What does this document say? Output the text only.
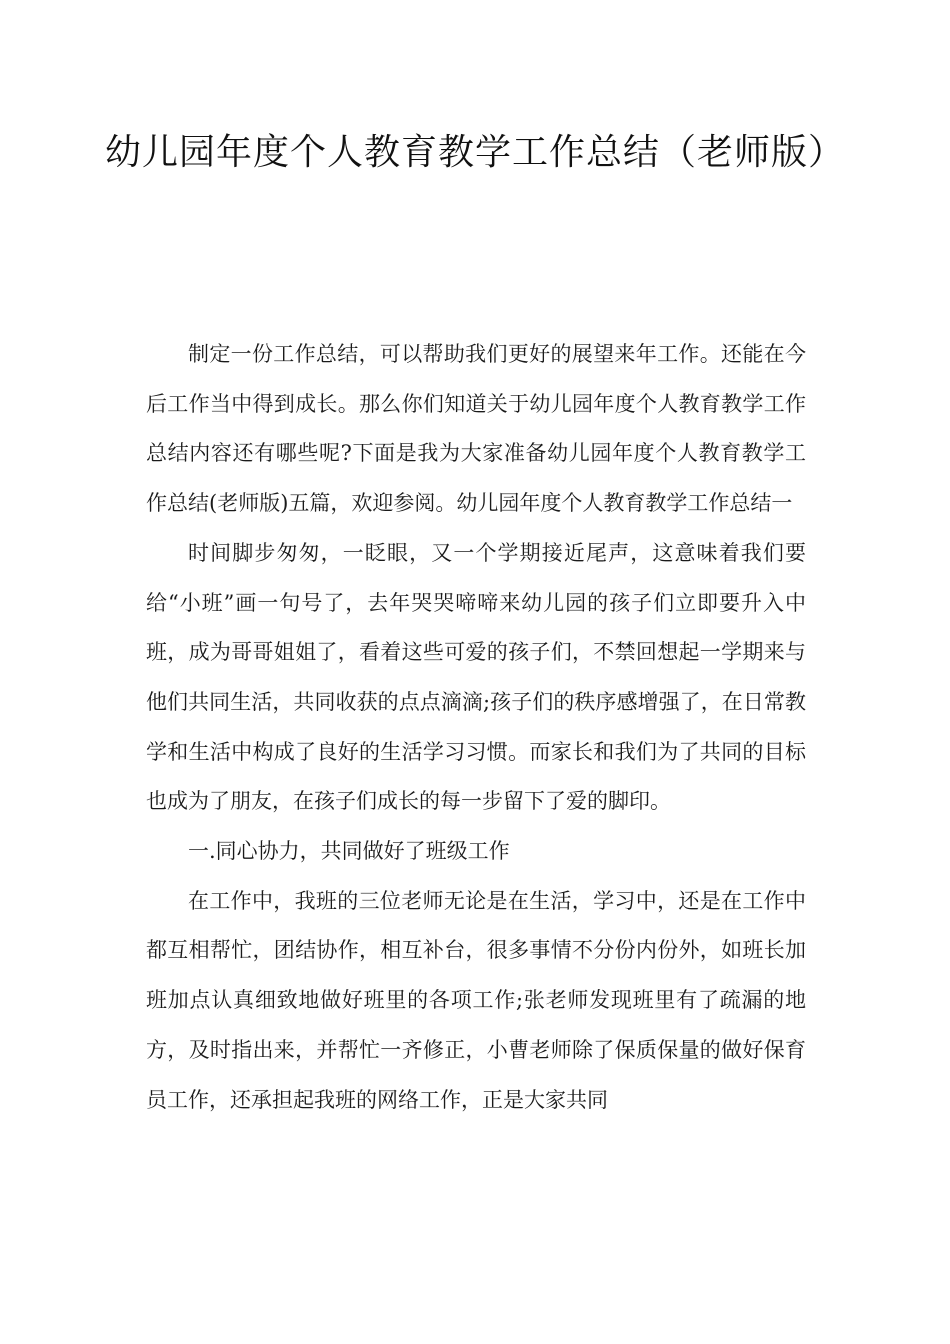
幼儿园年度个人教育教学工作总结（老师版）

制定一份工作总结，可以帮助我们更好的展望来年工作。还能在今后工作当中得到成长。那么你们知道关于幼儿园年度个人教育教学工作总结内容还有哪些呢?下面是我为大家准备幼儿园年度个人教育教学工作总结(老师版)五篇，欢迎参阅。幼儿园年度个人教育教学工作总结一

时间脚步匆匆，一眨眼，又一个学期接近尾声，这意味着我们要给“小班”画一句号了，去年哭哭啼啼来幼儿园的孩子们立即要升入中班，成为哥哥姐姐了，看着这些可爱的孩子们，不禁回想起一学期来与他们共同生活，共同收获的点点滴滴;孩子们的秩序感增强了，在日常教学和生活中构成了良好的生活学习习惯。而家长和我们为了共同的目标也成为了朋友，在孩子们成长的每一步留下了爱的脚印。

一.同心协力，共同做好了班级工作

在工作中，我班的三位老师无论是在生活，学习中，还是在工作中都互相帮忙，团结协作，相互补台，很多事情不分份内份外，如班长加班加点认真细致地做好班里的各项工作;张老师发现班里有了疏漏的地方，及时指出来，并帮忙一齐修正，小曹老师除了保质保量的做好保育员工作，还承担起我班的网络工作，正是大家共同
